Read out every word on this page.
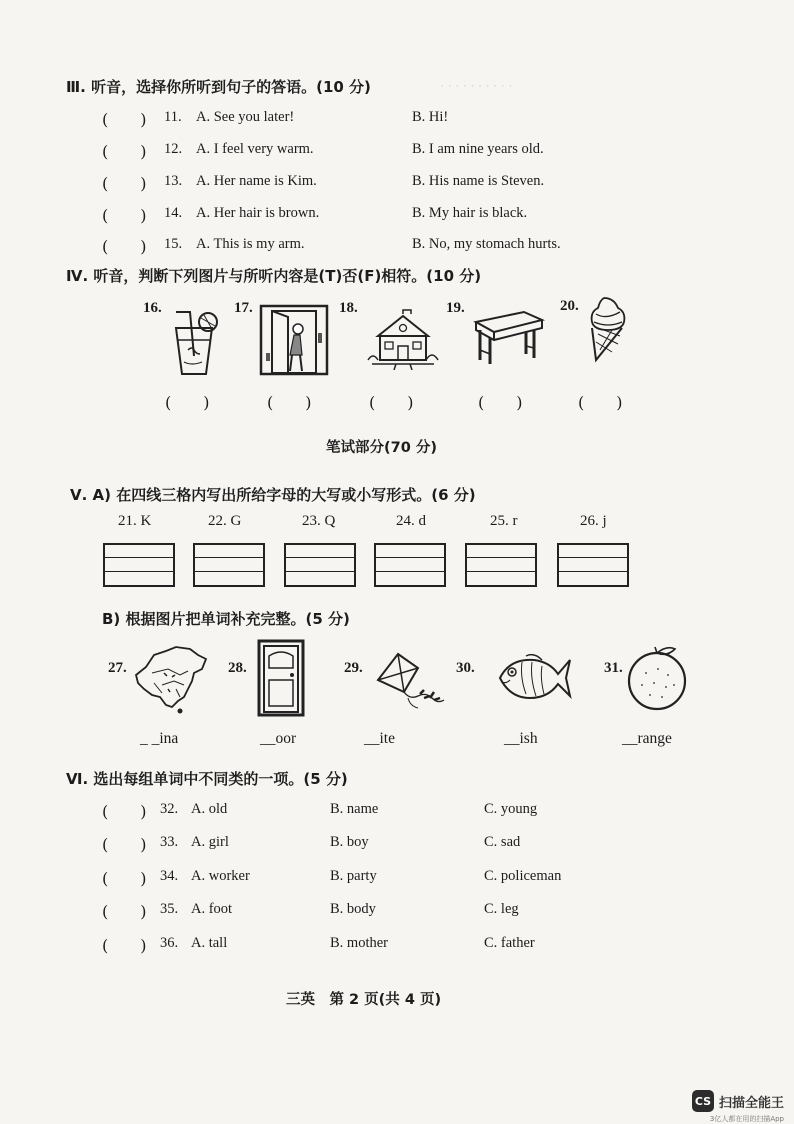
· · · · · · · · · ·
Ⅲ. 听音，选择你所听到句子的答语。(10 分)
(　　) 11. A. See you later!	B. Hi!
(　　) 12. A. I feel very warm.	B. I am nine years old.
(　　) 13. A. Her name is Kim.	B. His name is Steven.
(　　) 14. A. Her hair is brown.	B. My hair is black.
(　　) 15. A. This is my arm.	B. No, my stomach hurts.
Ⅳ. 听音，判断下列图片与所听内容是(T)否(F)相符。(10 分)
16.	17.	18.	19.	20.
(　　)	(　　)	(　　)	(　　)	(　　)
笔试部分(70 分)
Ⅴ. A) 在四线三格内写出所给字母的大写或小写形式。(6 分)
21. K	22. G	23. Q	24. d	25. r	26. j
B) 根据图片把单词补充完整。(5 分)
27.	28.	29.	30.	31.
_ _ina	__oor	__ite	__ish	__range
Ⅵ. 选出每组单词中不同类的一项。(5 分)
(　　) 32. A. old	B. name	C. young
(　　) 33. A. girl	B. boy	C. sad
(　　) 34. A. worker	B. party	C. policeman
(　　) 35. A. foot	B. body	C. leg
(　　) 36. A. tall	B. mother	C. father
三英　第 2 页(共 4 页)
CS 扫描全能王
3亿人都在用的扫描App
